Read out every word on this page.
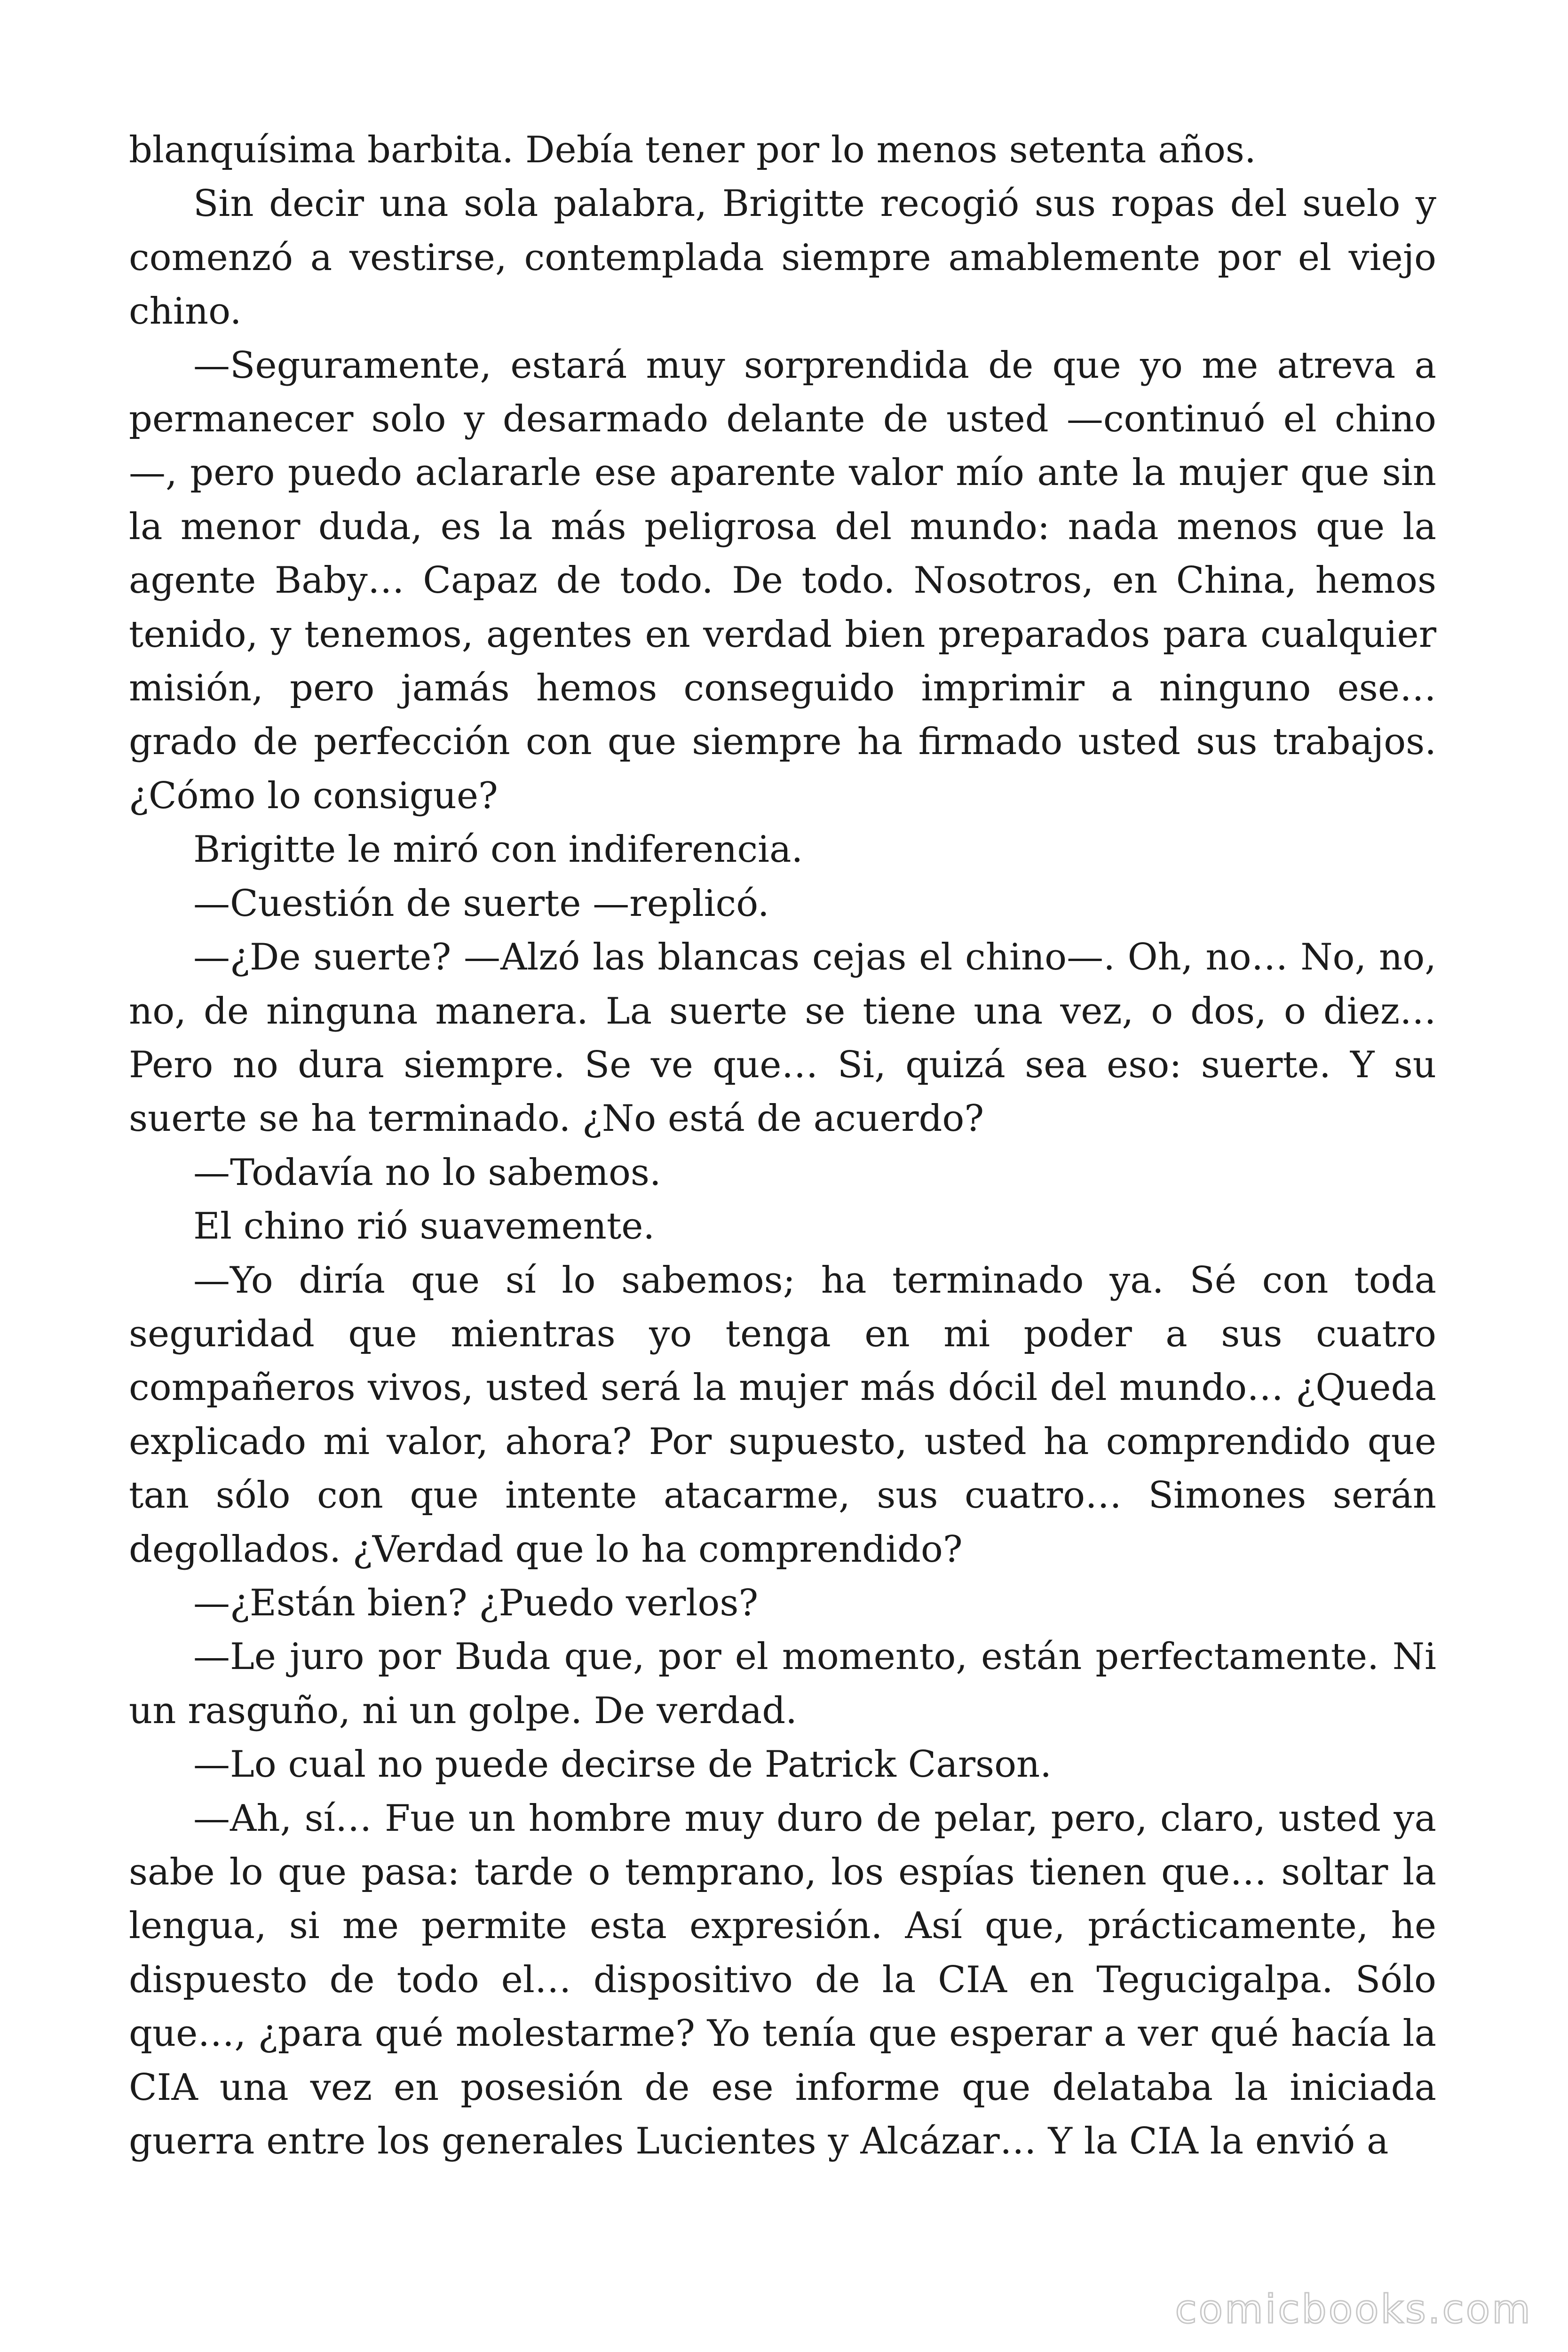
blanquísima barbita. Debía tener por lo menos setenta años.

Sin decir una sola palabra, Brigitte recogió sus ropas del suelo y comenzó a vestirse, contemplada siempre amablemente por el viejo chino.

—Seguramente, estará muy sorprendida de que yo me atreva a permanecer solo y desarmado delante de usted —continuó el chino —, pero puedo aclararle ese aparente valor mío ante la mujer que sin la menor duda, es la más peligrosa del mundo: nada menos que la agente Baby… Capaz de todo. De todo. Nosotros, en China, hemos tenido, y tenemos, agentes en verdad bien preparados para cualquier misión, pero jamás hemos conseguido imprimir a ninguno ese… grado de perfección con que siempre ha firmado usted sus trabajos. ¿Cómo lo consigue?

Brigitte le miró con indiferencia.

—Cuestión de suerte —replicó.

—¿De suerte? —Alzó las blancas cejas el chino—. Oh, no… No, no, no, de ninguna manera. La suerte se tiene una vez, o dos, o diez… Pero no dura siempre. Se ve que… Si, quizá sea eso: suerte. Y su suerte se ha terminado. ¿No está de acuerdo?

—Todavía no lo sabemos.

El chino rió suavemente.

—Yo diría que sí lo sabemos; ha terminado ya. Sé con toda seguridad que mientras yo tenga en mi poder a sus cuatro compañeros vivos, usted será la mujer más dócil del mundo… ¿Queda explicado mi valor, ahora? Por supuesto, usted ha comprendido que tan sólo con que intente atacarme, sus cuatro… Simones serán degollados. ¿Verdad que lo ha comprendido?

—¿Están bien? ¿Puedo verlos?

—Le juro por Buda que, por el momento, están perfectamente. Ni un rasguño, ni un golpe. De verdad.

—Lo cual no puede decirse de Patrick Carson.

—Ah, sí… Fue un hombre muy duro de pelar, pero, claro, usted ya sabe lo que pasa: tarde o temprano, los espías tienen que… soltar la lengua, si me permite esta expresión. Así que, prácticamente, he dispuesto de todo el… dispositivo de la CIA en Tegucigalpa. Sólo que…, ¿para qué molestarme? Yo tenía que esperar a ver qué hacía la CIA una vez en posesión de ese informe que delataba la iniciada guerra entre los generales Lucientes y Alcázar… Y la CIA la envió a

comicbooks.com
